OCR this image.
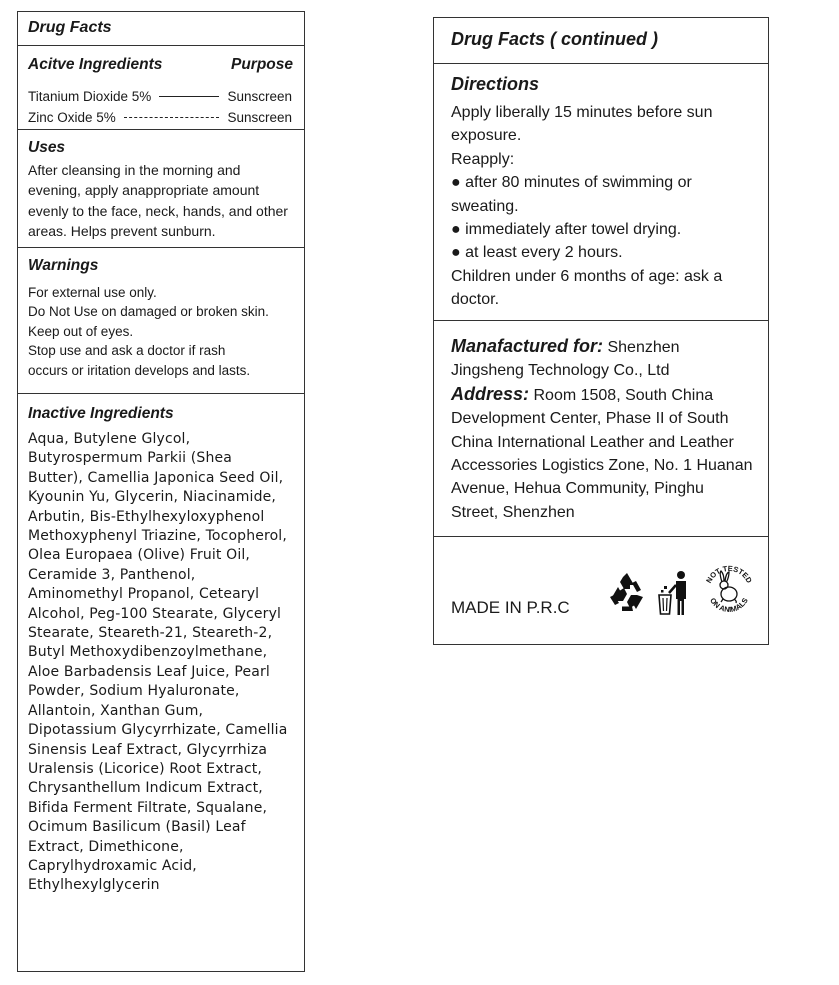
Drug Facts
Acitve Ingredients	Purpose
Titanium Dioxide 5%	Sunscreen
Zinc Oxide 5%	Sunscreen
Uses
After cleansing in the morning and evening, apply anappropriate amount evenly to the face, neck, hands, and other areas. Helps prevent sunburn.
Warnings
For external use only.
Do Not Use on damaged or broken skin.
Keep out of eyes.
Stop use and ask a doctor if rash
occurs or iritation develops and lasts.
Inactive Ingredients
Aqua, Butylene Glycol, Butyrospermum Parkii (Shea Butter), Camellia Japonica Seed Oil, Kyounin Yu, Glycerin, Niacinamide, Arbutin, Bis-Ethylhexyloxyphenol Methoxyphenyl Triazine, Tocopherol, Olea Europaea (Olive) Fruit Oil, Ceramide 3, Panthenol, Aminomethyl Propanol, Cetearyl Alcohol, Peg-100 Stearate, Glyceryl Stearate, Steareth-21, Steareth-2, Butyl Methoxydibenzoylmethane, Aloe Barbadensis Leaf Juice, Pearl Powder, Sodium Hyaluronate, Allantoin, Xanthan Gum, Dipotassium Glycyrrhizate, Camellia Sinensis Leaf Extract, Glycyrrhiza Uralensis (Licorice) Root Extract, Chrysanthellum Indicum Extract, Bifida Ferment Filtrate, Squalane, Ocimum Basilicum (Basil) Leaf Extract, Dimethicone, Caprylhydroxamic Acid, Ethylhexylglycerin
Drug Facts ( continued )
Directions
Apply liberally 15 minutes before sun exposure.
Reapply:
● after 80 minutes of swimming or sweating.
● immediately after towel drying.
● at least every 2 hours.
Children under 6 months of age: ask a doctor.
Manafactured for: Shenzhen Jingsheng Technology Co., Ltd
Address: Room 1508, South China Development Center, Phase II of South China International Leather and Leather Accessories Logistics Zone, No. 1 Huanan Avenue, Hehua Community, Pinghu Street, Shenzhen
MADE IN P.R.C
NOT TESTED
ON ANIMALS
